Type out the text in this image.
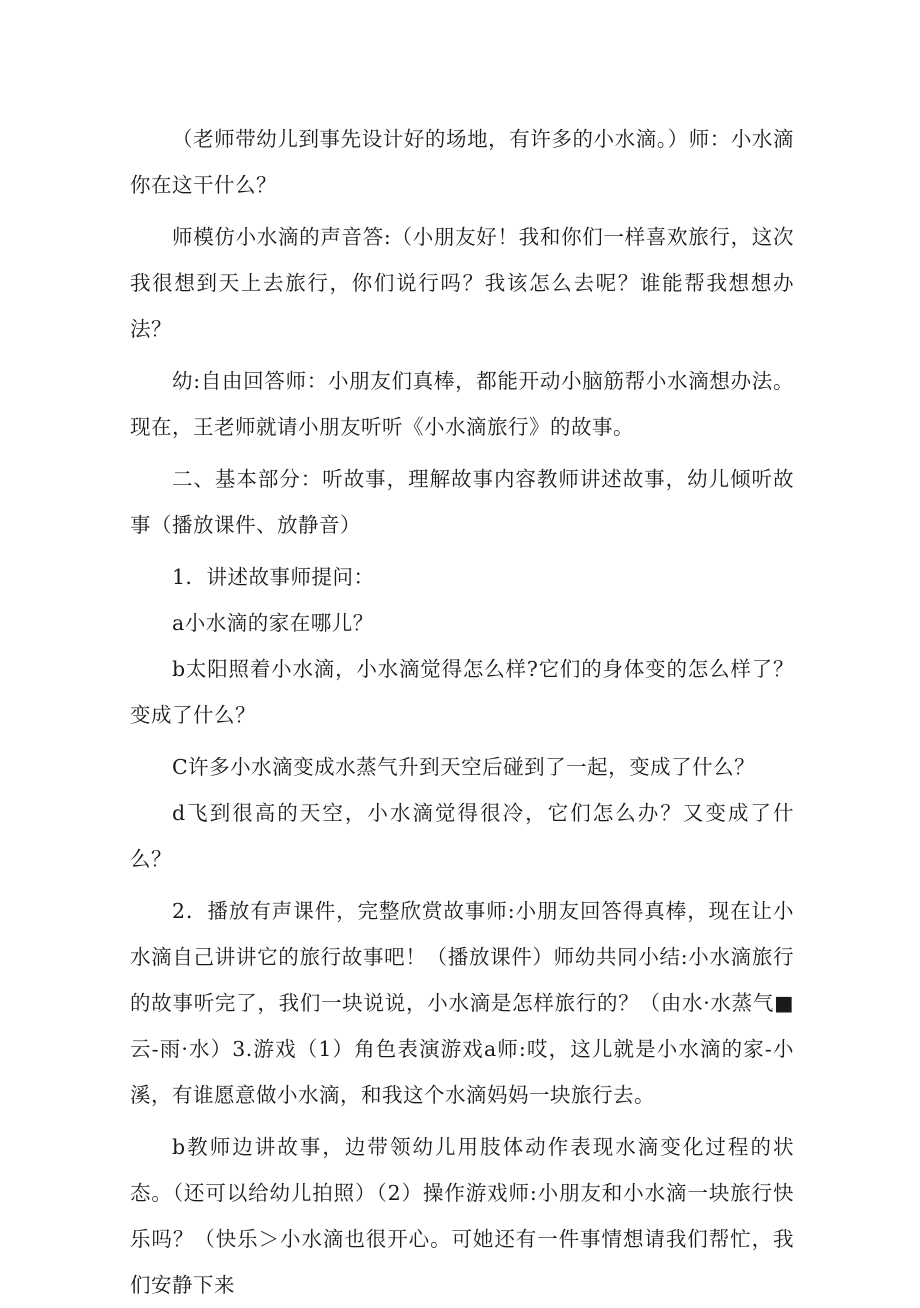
（老师带幼儿到事先设计好的场地，有许多的小水滴。）师：小水滴你在这干什么？

师模仿小水滴的声音答:（小朋友好！我和你们一样喜欢旅行，这次我很想到天上去旅行，你们说行吗？我该怎么去呢？谁能帮我想想办法？

幼:自由回答师：小朋友们真棒，都能开动小脑筋帮小水滴想办法。现在，王老师就请小朋友听听《小水滴旅行》的故事。

二、基本部分：听故事，理解故事内容教师讲述故事，幼儿倾听故事（播放课件、放静音）

1．讲述故事师提问：

a小水滴的家在哪儿？

b太阳照着小水滴，小水滴觉得怎么样?它们的身体变的怎么样了？变成了什么？

C许多小水滴变成水蒸气升到天空后碰到了一起，变成了什么？

d飞到很高的天空，小水滴觉得很冷，它们怎么办？又变成了什么？

2．播放有声课件，完整欣赏故事师:小朋友回答得真棒，现在让小水滴自己讲讲它的旅行故事吧！（播放课件）师幼共同小结:小水滴旅行的故事听完了，我们一块说说，小水滴是怎样旅行的？（由水·水蒸气■云-雨·水）3.游戏（1）角色表演游戏a师:哎，这儿就是小水滴的家-小溪，有谁愿意做小水滴，和我这个水滴妈妈一块旅行去。

b教师边讲故事，边带领幼儿用肢体动作表现水滴变化过程的状态。（还可以给幼儿拍照）（2）操作游戏师:小朋友和小水滴一块旅行快乐吗？（快乐＞小水滴也很开心。可她还有一件事情想请我们帮忙，我们安静下来
